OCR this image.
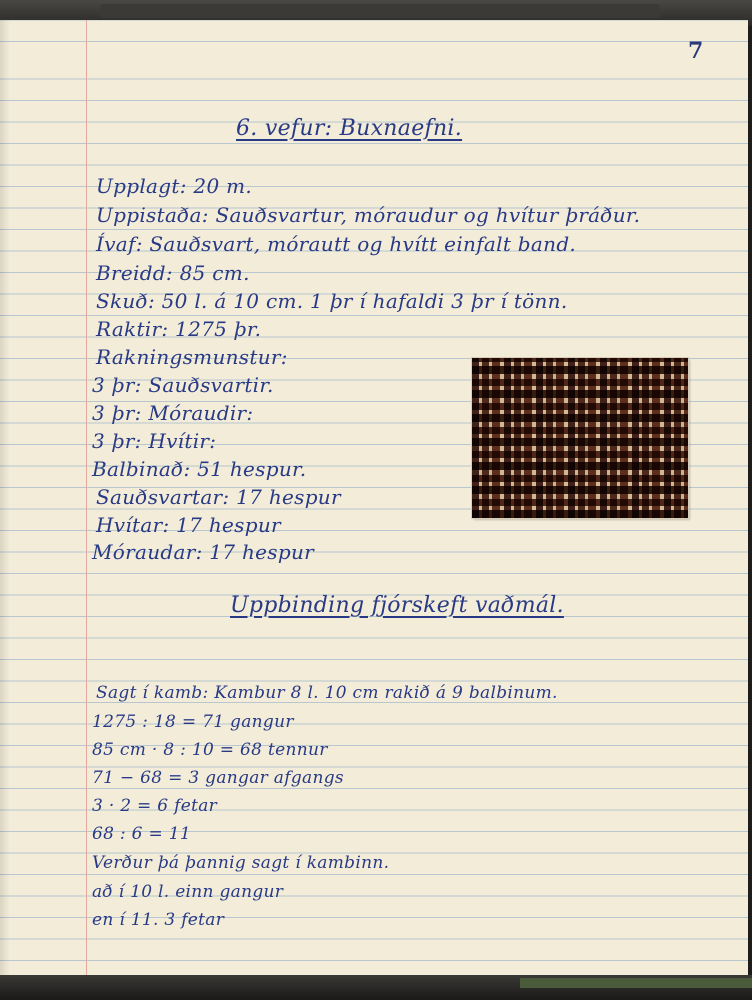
7
6. vefur: Buxnaefni.
Upplagt: 20 m.
Uppistaða: Sauðsvartur, móraudur og hvítur þráður.
Ívaf: Sauðsvart, mórautt og hvítt einfalt band.
Breidd: 85 cm.
Skuð: 50 l. á 10 cm. 1 þr í hafaldi 3 þr í tönn.
Raktir: 1275 þr.
Rakningsmunstur:
3 þr: Sauðsvartir.
3 þr: Móraudir:
3 þr: Hvítir:
Balbinað: 51 hespur.
Sauðsvartar: 17 hespur
Hvítar: 17 hespur
Móraudar: 17 hespur
Uppbinding fjórskeft vaðmál.
Sagt í kamb: Kambur 8 l. 10 cm rakið á 9 balbinum.
1275 : 18 = 71 gangur
85 cm · 8 : 10 = 68 tennur
71 − 68 = 3 gangar afgangs
3 · 2 = 6 fetar
68 : 6 = 11
Verður þá þannig sagt í kambinn.
að í 10 l. einn gangur
en í 11. 3 fetar
